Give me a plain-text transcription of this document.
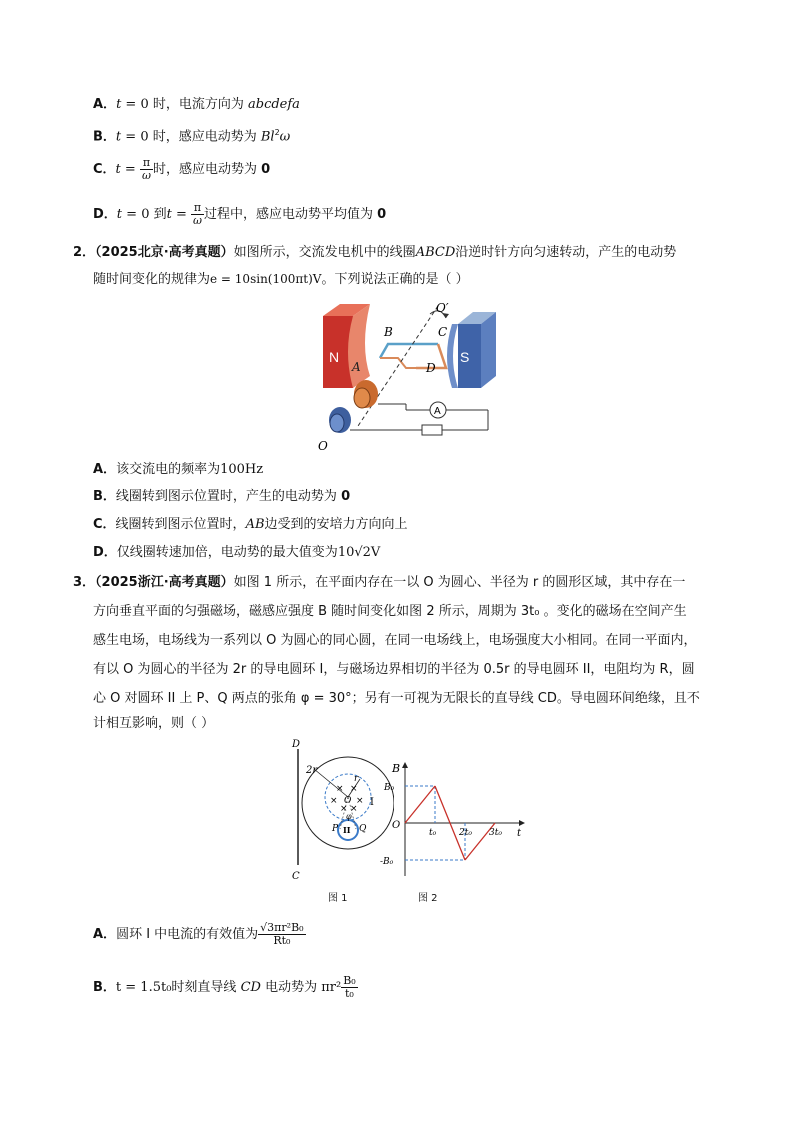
A．t = 0 时，电流方向为 abcdefa
B．t = 0 时，感应电动势为 Bl$^2$ω
C．$t = \frac{\pi}{\omega}$ 时，感应电动势为 0
D．t = 0 到$t = \frac{\pi}{\omega}$ 过程中，感应电动势平均值为 0
2．（2025北京·高考真题）如图所示，交流发电机中的线圈ABCD沿逆时针方向匀速转动，产生的电动势
随时间变化的规律为e = 10sin(100πt)V。下列说法正确的是（ ）
N	S
A
B	C
A	D
O′
O
A．该交流电的频率为100Hz
B．线圈转到图示位置时，产生的电动势为 0
C．线圈转到图示位置时，AB边受到的安培力方向向上
D．仅线圈转速加倍，电动势的最大值变为10√2V
3．（2025浙江·高考真题）如图 1 所示，在平面内存在一以 O 为圆心、半径为 r 的圆形区域，其中存在一
方向垂直平面的匀强磁场，磁感应强度 B 随时间变化如图 2 所示，周期为 3t₀ 。变化的磁场在空间产生
感生电场，电场线为一系列以 O 为圆心的同心圆，在同一电场线上，电场强度大小相同。在同一平面内，
有以 O 为圆心的半径为 2r 的导电圆环 I，与磁场边界相切的半径为 0.5r 的导电圆环 II，电阻均为 R，圆
心 O 对圆环 II 上 P、Q 两点的张角 φ = 30°；另有一可视为无限长的直导线 CD。导电圆环间绝缘，且不
计相互影响，则（ ）
D
C
× ×
× ×
× ×
2r
r
O I
II
φ
P Q
图 1
B
t
O
B₀
-B₀
t₀	2t₀ 3t₀
图 2
A．圆环 I 中电流的有效值为 $\frac{\text{√3πr²B₀}}{\text{Rt₀}}$
B．t = 1.5t₀时刻直导线 CD 电动势为 $\pi r^2 \frac{\text{B₀}}{\text{t₀}}$
